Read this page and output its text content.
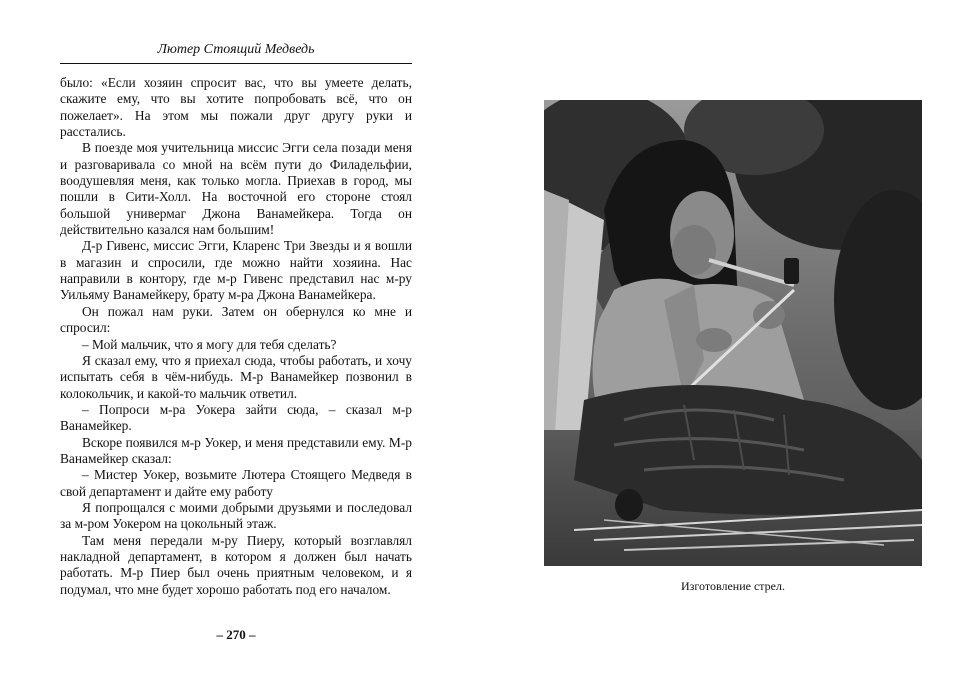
Лютер Стоящий Медведь

было: «Если хозяин спросит вас, что вы умеете делать, скажите ему, что вы хотите попробовать всё, что он пожелает». На этом мы пожали друг другу руки и расстались.

В поезде моя учительница миссис Эгги села позади меня и разговаривала со мной на всём пути до Филадельфии, воодушевляя меня, как только могла. Приехав в город, мы пошли в Сити-Холл. На восточной его стороне стоял большой универмаг Джона Ванамейкера. Тогда он действительно казался нам большим!

Д-р Гивенс, миссис Эгги, Кларенс Три Звезды и я вошли в магазин и спросили, где можно найти хозяина. Нас направили в контору, где м-р Гивенс представил нас м-ру Уильяму Ванамейкеру, брату м-ра Джона Ванамейкера.

Он пожал нам руки. Затем он обернулся ко мне и спросил:

– Мой мальчик, что я могу для тебя сделать?

Я сказал ему, что я приехал сюда, чтобы работать, и хочу испытать себя в чём-нибудь. М-р Ванамейкер позвонил в колокольчик, и какой-то мальчик ответил.

– Попроси м-ра Уокера зайти сюда, – сказал м-р Ванамейкер.

Вскоре появился м-р Уокер, и меня представили ему. М-р Ванамейкер сказал:

– Мистер Уокер, возьмите Лютера Стоящего Медведя в свой департамент и дайте ему работу

Я попрощался с моими добрыми друзьями и последовал за м-ром Уокером на цокольный этаж.

Там меня передали м-ру Пиеру, который возглавлял накладной департамент, в котором я должен был начать работать. М-р Пиер был очень приятным человеком, и я подумал, что мне будет хорошо работать под его началом.

– 270 –
Изготовление стрел.
